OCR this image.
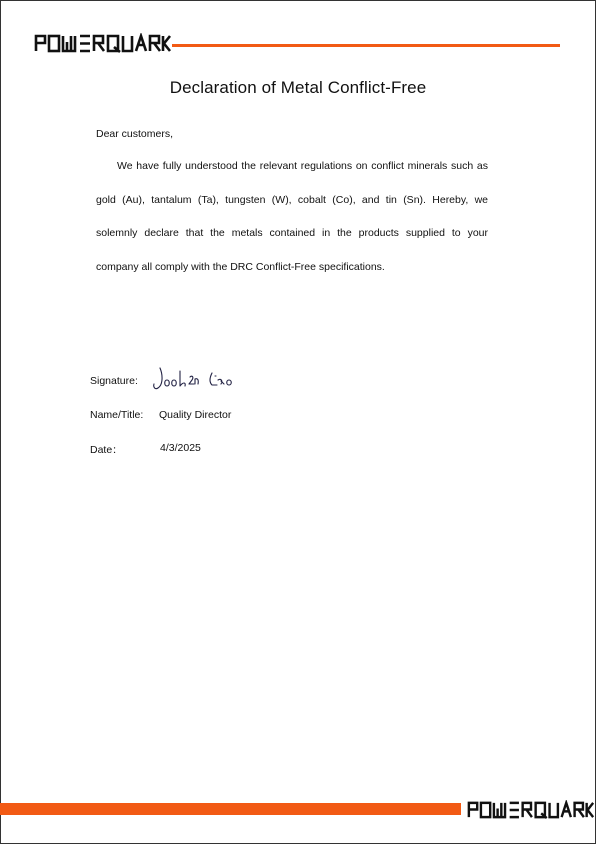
Declaration of Metal Conflict-Free
Dear customers,

We have fully understood the relevant regulations on conflict minerals such as gold (Au), tantalum (Ta), tungsten (W), cobalt (Co), and tin (Sn). Hereby, we solemnly declare that the metals contained in the products supplied to your company all comply with the DRC Conflict-Free specifications.

Signature:
Name/Title: Quality Director
Date：	4/3/2025
